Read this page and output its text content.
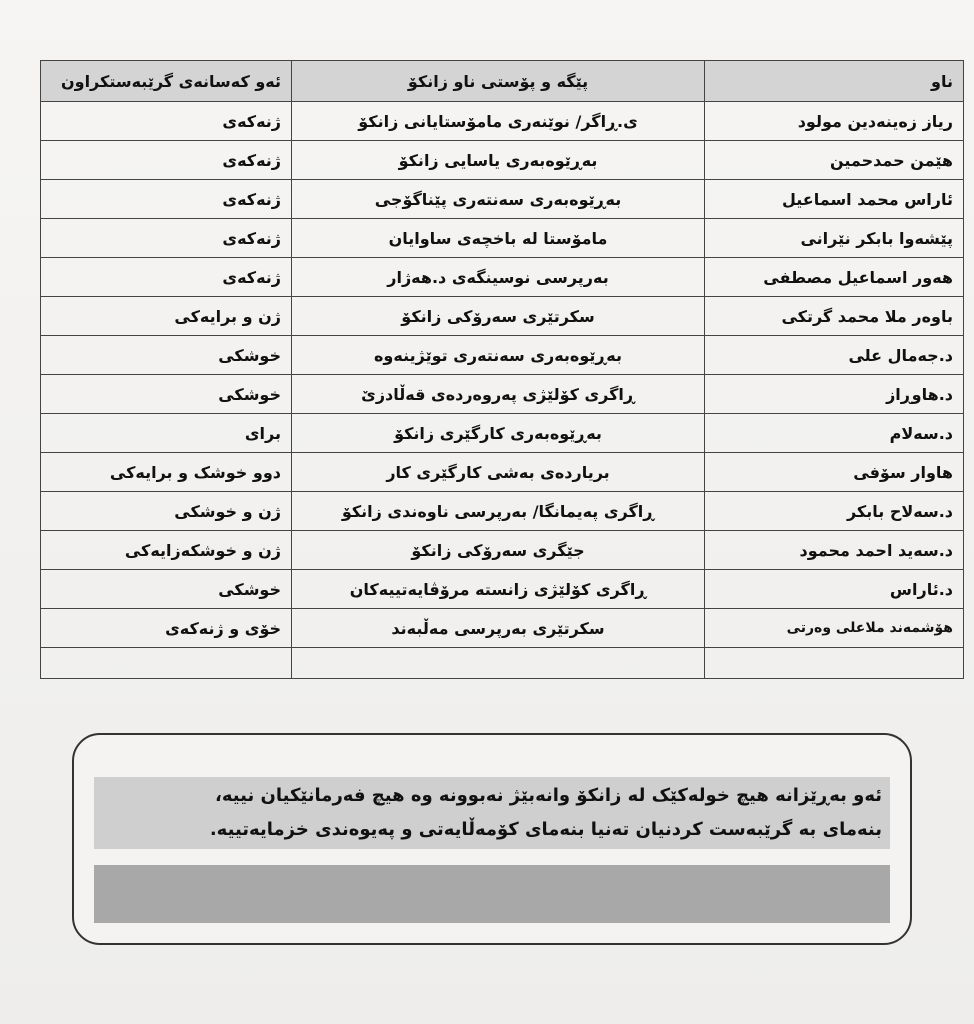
ناو	پێگە و پۆستی ناو زانکۆ	ئەو کەسانەی گرێبەستکراون
ریاز زەینەدین مولود	ی.ڕاگر/ نوێنەری مامۆستایانی زانکۆ	ژنەکەی
هێمن حمدحمین	بەڕێوەبەری یاسایی زانکۆ	ژنەکەی
ئاراس محمد اسماعیل	بەڕێوەبەری سەنتەری پێناگۆجی	ژنەکەی
پێشەوا بابکر نێرانی	مامۆستا لە باخچەی ساوایان	ژنەکەی
هەور اسماعیل مصطفی	بەرپرسی نوسینگەی د.هەژار	ژنەکەی
باوەر ملا محمد گرتکی	سکرتێری سەرۆکی زانکۆ	ژن و برایەکی
د.جەمال علی	بەڕێوەبەری سەنتەری توێژینەوە	خوشکی
د.هاوڕاز	ڕاگری کۆلێژی پەروەردەی قەڵادزێ	خوشکی
د.سەلام	بەڕێوەبەری کارگێری زانکۆ	برای
هاوار سۆفی	بریاردەی بەشی کارگێری کار	دوو خوشک و برایەکی
د.سەلاح بابکر	ڕاگری پەیمانگا/ بەرپرسی ناوەندی زانکۆ	ژن و خوشکی
د.سەید احمد محمود	جێگری سەرۆکی زانکۆ	ژن و خوشکەزایەکی
د.ئاراس	ڕاگری کۆلێژی زانستە مرۆڤایەتییەکان	خوشکی
هۆشمەند ملاعلی وەرتی	سکرتێری بەرپرسی مەڵبەند	خۆی و ژنەکەی

ئەو بەڕێزانە هیچ خولەکێک لە زانکۆ وانەبێژ نەبوونە وە هیچ فەرمانێکیان نییە،
بنەمای بە گرێبەست کردنیان تەنیا بنەمای کۆمەڵایەتی و پەیوەندی خزمایەتییە.
